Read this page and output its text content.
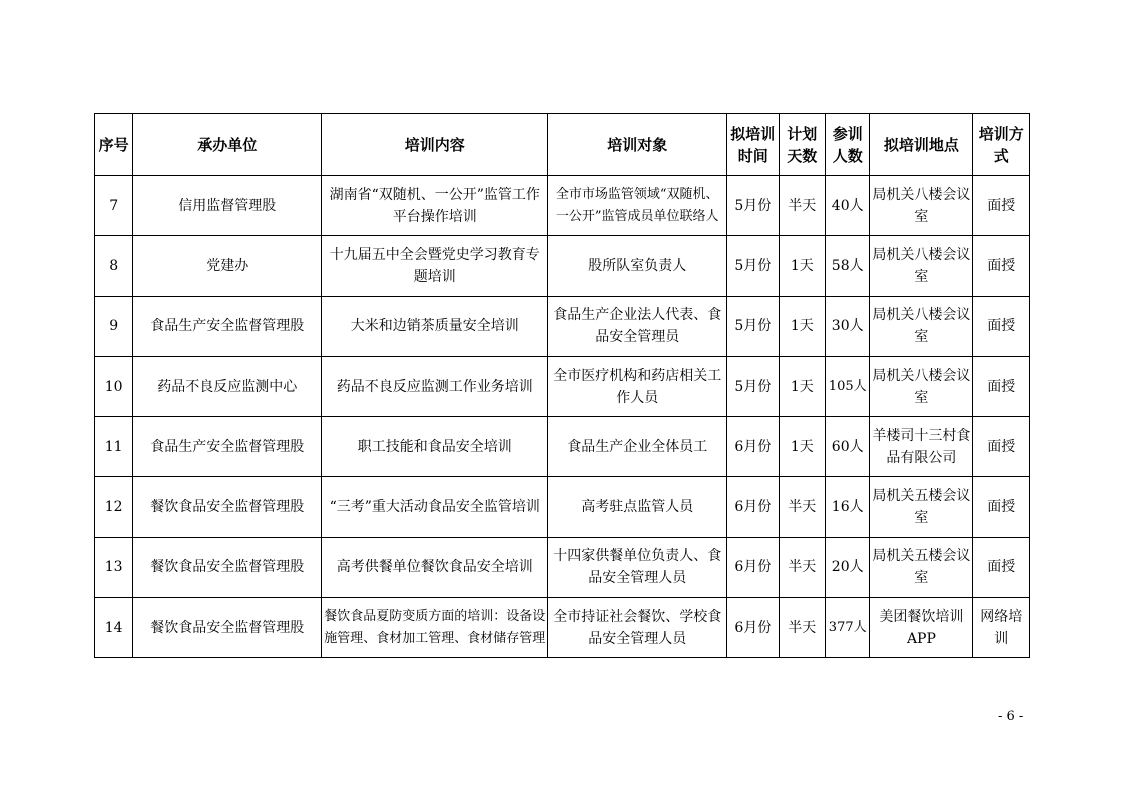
序号	承办单位	培训内容	培训对象	拟培训时间	计划天数	参训人数	拟培训地点	培训方式
7	信用监督管理股	湖南省“双随机、一公开”监管工作平台操作培训	全市市场监管领域“双随机、一公开”监管成员单位联络人	5月份	半天	40人	局机关八楼会议室	面授
8	党建办	十九届五中全会暨党史学习教育专题培训	股所队室负责人	5月份	1天	58人	局机关八楼会议室	面授
9	食品生产安全监督管理股	大米和边销茶质量安全培训	食品生产企业法人代表、食品安全管理员	5月份	1天	30人	局机关八楼会议室	面授
10	药品不良反应监测中心	药品不良反应监测工作业务培训	全市医疗机构和药店相关工作人员	5月份	1天	105人	局机关八楼会议室	面授
11	食品生产安全监督管理股	职工技能和食品安全培训	食品生产企业全体员工	6月份	1天	60人	羊楼司十三村食品有限公司	面授
12	餐饮食品安全监督管理股	“三考”重大活动食品安全监管培训	高考驻点监管人员	6月份	半天	16人	局机关五楼会议室	面授
13	餐饮食品安全监督管理股	高考供餐单位餐饮食品安全培训	十四家供餐单位负责人、食品安全管理人员	6月份	半天	20人	局机关五楼会议室	面授
14	餐饮食品安全监督管理股	餐饮食品夏防变质方面的培训：设备设施管理、食材加工管理、食材储存管理	全市持证社会餐饮、学校食品安全管理人员	6月份	半天	377人	美团餐饮培训APP	网络培训
- 6 -
